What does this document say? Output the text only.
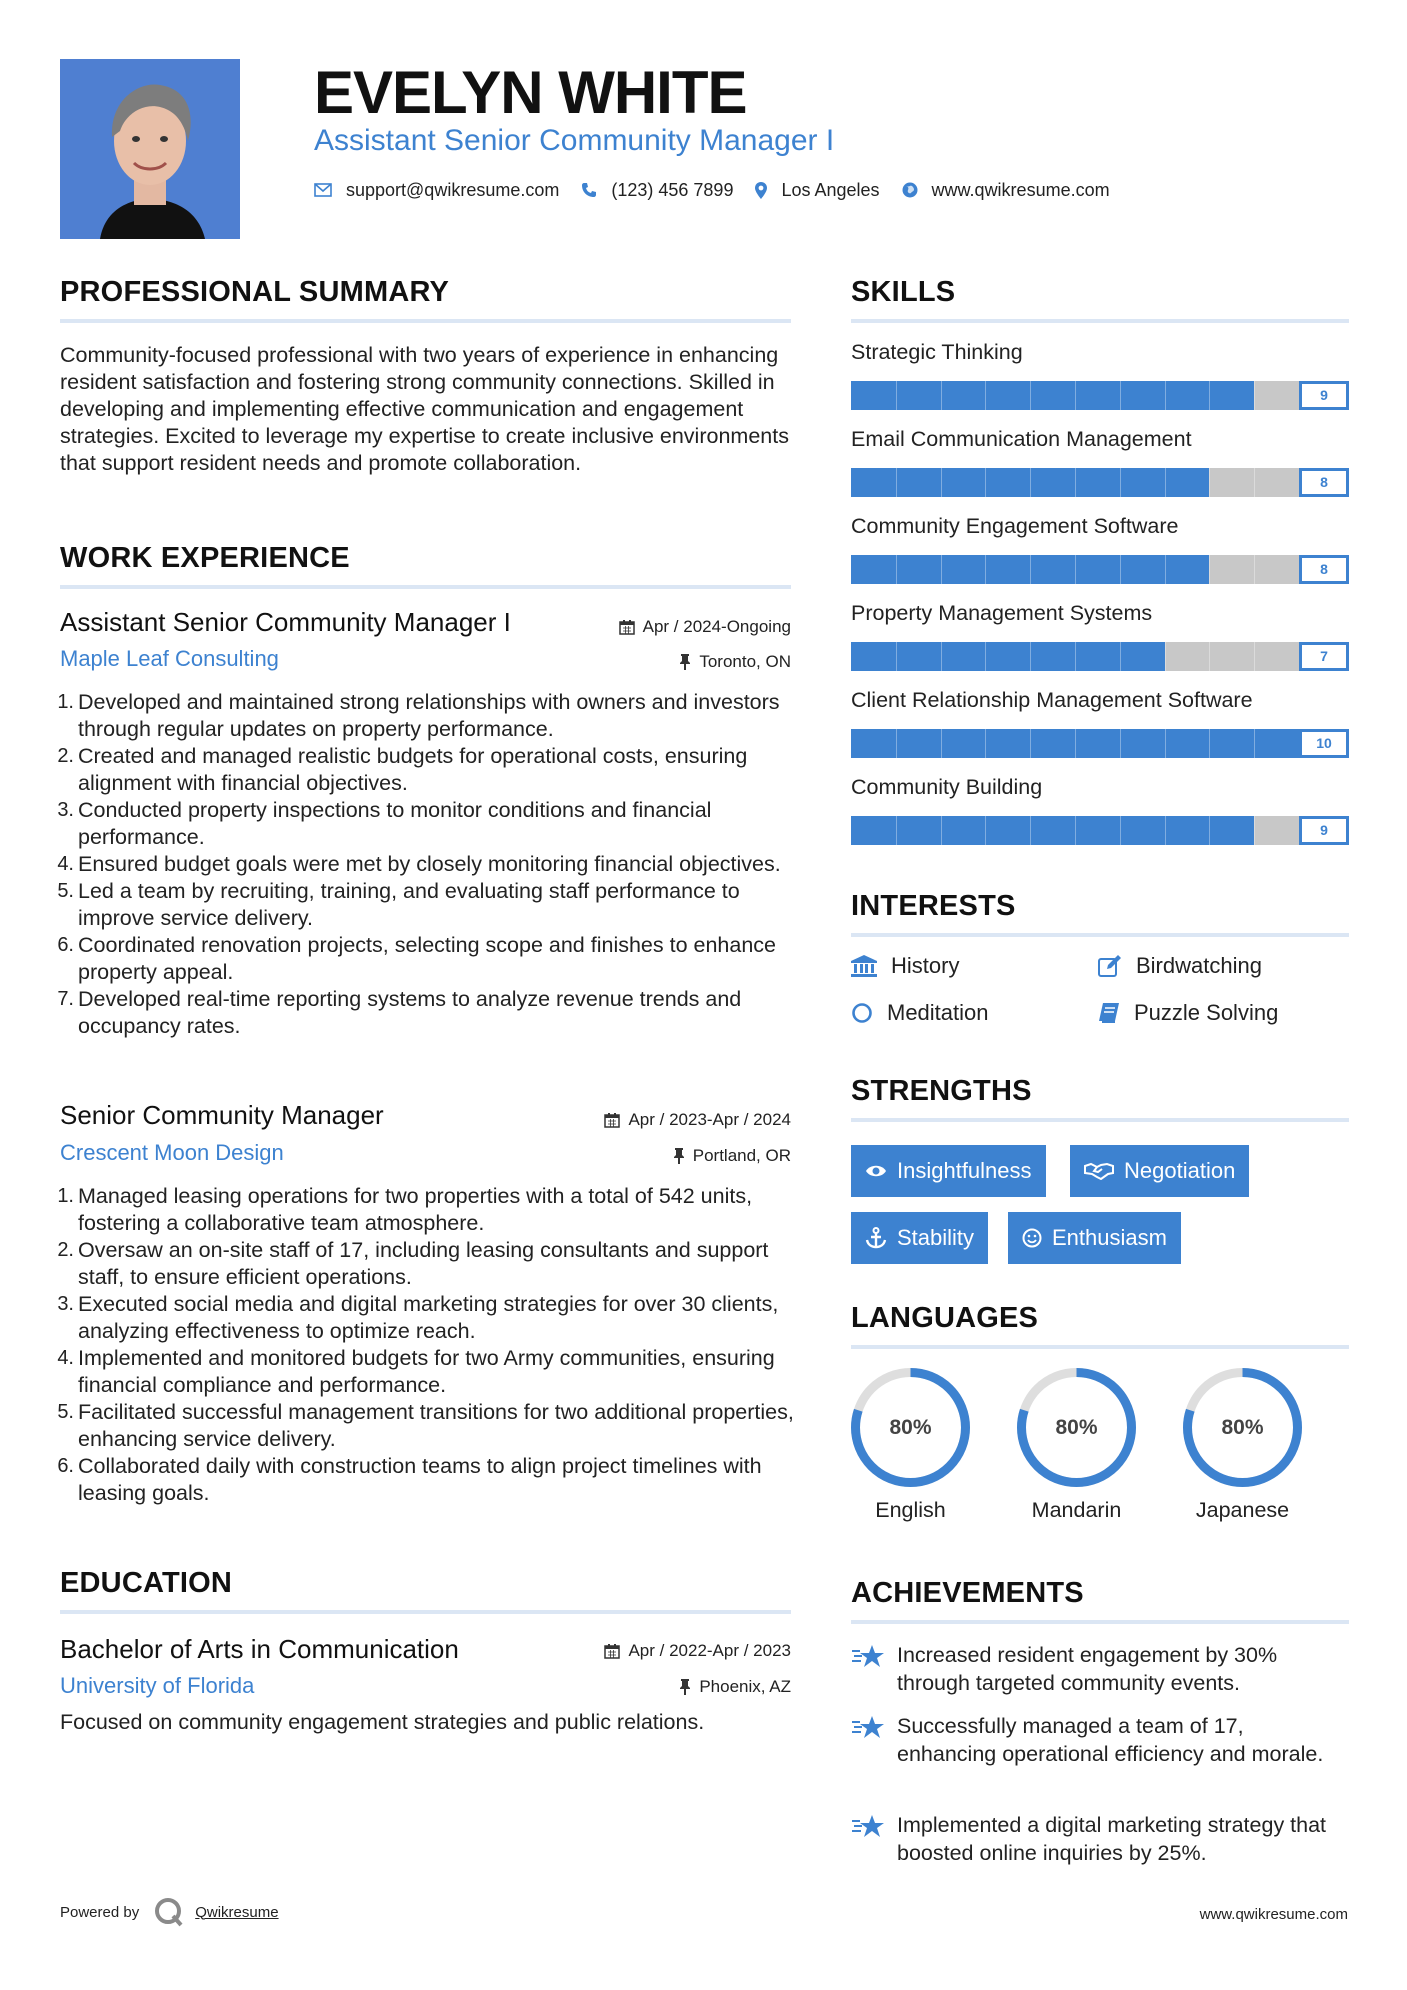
EVELYN WHITE
Assistant Senior Community Manager I
support@qwikresume.com	(123) 456 7899	Los Angeles	www.qwikresume.com
PROFESSIONAL SUMMARY
Community-focused professional with two years of experience in enhancing resident satisfaction and fostering strong community connections. Skilled in developing and implementing effective communication and engagement strategies. Excited to leverage my expertise to create inclusive environments that support resident needs and promote collaboration.
WORK EXPERIENCE
Assistant Senior Community Manager I	Apr / 2024-Ongoing
Maple Leaf Consulting	Toronto, ON
1. Developed and maintained strong relationships with owners and investors through regular updates on property performance.
2. Created and managed realistic budgets for operational costs, ensuring alignment with financial objectives.
3. Conducted property inspections to monitor conditions and financial performance.
4. Ensured budget goals were met by closely monitoring financial objectives.
5. Led a team by recruiting, training, and evaluating staff performance to improve service delivery.
6. Coordinated renovation projects, selecting scope and finishes to enhance property appeal.
7. Developed real-time reporting systems to analyze revenue trends and occupancy rates.
Senior Community Manager	Apr / 2023-Apr / 2024
Crescent Moon Design	Portland, OR
1. Managed leasing operations for two properties with a total of 542 units, fostering a collaborative team atmosphere.
2. Oversaw an on-site staff of 17, including leasing consultants and support staff, to ensure efficient operations.
3. Executed social media and digital marketing strategies for over 30 clients, analyzing effectiveness to optimize reach.
4. Implemented and monitored budgets for two Army communities, ensuring financial compliance and performance.
5. Facilitated successful management transitions for two additional properties, enhancing service delivery.
6. Collaborated daily with construction teams to align project timelines with leasing goals.
EDUCATION
Bachelor of Arts in Communication	Apr / 2022-Apr / 2023
University of Florida	Phoenix, AZ
Focused on community engagement strategies and public relations.
SKILLS
Strategic Thinking
9
Email Communication Management
8
Community Engagement Software
8
Property Management Systems
7
Client Relationship Management Software
10
Community Building
9
INTERESTS
History	Birdwatching
Meditation	Puzzle Solving
STRENGTHS
Insightfulness	Negotiation
Stability	Enthusiasm
LANGUAGES
80%
English
80%
Mandarin
80%
Japanese
ACHIEVEMENTS
Increased resident engagement by 30% through targeted community events.
Successfully managed a team of 17, enhancing operational efficiency and morale.
Implemented a digital marketing strategy that boosted online inquiries by 25%.
Powered by	Qwikresume	www.qwikresume.com
